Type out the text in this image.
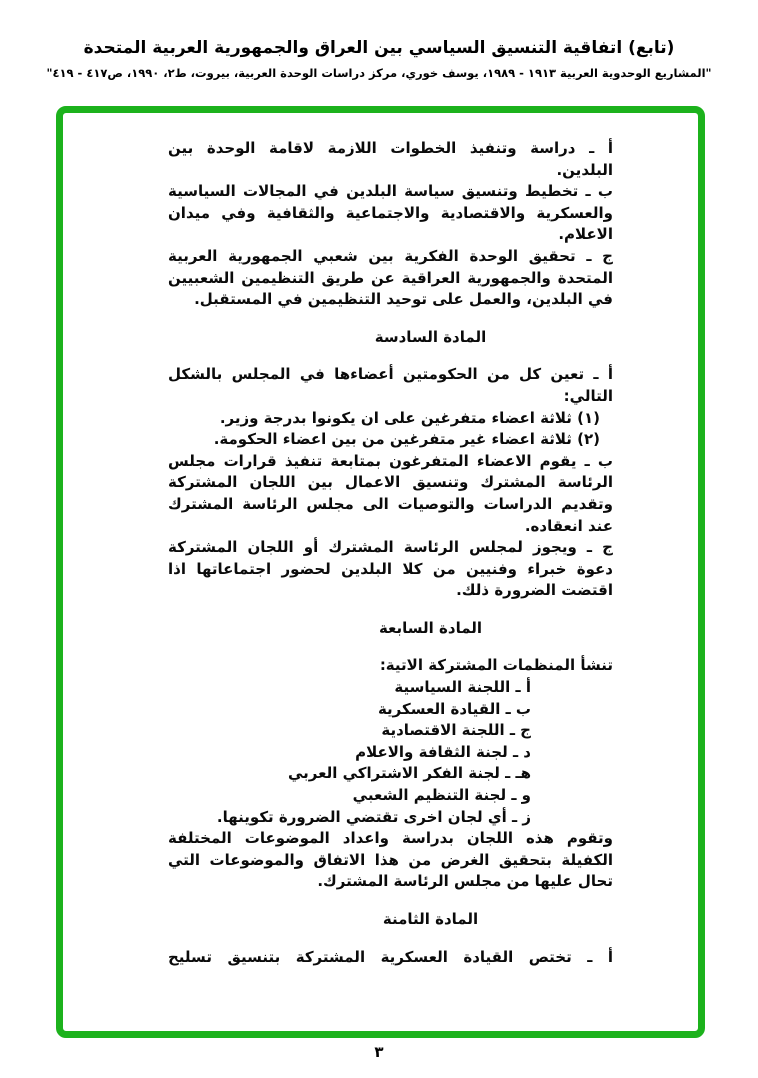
(تابع) اتفاقية التنسيق السياسي بين العراق والجمهورية العربية المتحدة
"المشاريع الوحدوية العربية ١٩١٣ - ١٩٨٩، يوسف خوري، مركز دراسات الوحدة العربية، بيروت، ط٢، ١٩٩٠، ص٤١٧ - ٤١٩"
أ ـ دراسة وتنفيذ الخطوات اللازمة لاقامة الوحدة بين
البلدين.
ب ـ تخطيط وتنسيق سياسة البلدين في المجالات السياسية
والعسكرية والاقتصادية والاجتماعية والثقافية وفي ميدان
الاعلام.
ج ـ تحقيق الوحدة الفكرية بين شعبي الجمهورية العربية
المتحدة والجمهورية العراقية عن طريق التنظيمين الشعبيين
في البلدين، والعمل على توحيد التنظيمين في المستقبل.
المادة السادسة
أ ـ تعين كل من الحكومتين أعضاءها في المجلس بالشكل
التالي:
(١) ثلاثة اعضاء متفرغين على ان يكونوا بدرجة وزير.
(٢) ثلاثة اعضاء غير متفرغين من بين اعضاء الحكومة.
ب ـ يقوم الاعضاء المتفرغون بمتابعة تنفيذ قرارات مجلس
الرئاسة المشترك وتنسيق الاعمال بين اللجان المشتركة
وتقديم الدراسات والتوصيات الى مجلس الرئاسة المشترك
عند انعقاده.
ج ـ ويجوز لمجلس الرئاسة المشترك أو اللجان المشتركة
دعوة خبراء وفنيين من كلا البلدين لحضور اجتماعاتها اذا
اقتضت الضرورة ذلك.
المادة السابعة
تنشأ المنظمات المشتركة الاتية:
أ ـ اللجنة السياسية
ب ـ القيادة العسكرية
ج ـ اللجنة الاقتصادية
د ـ لجنة الثقافة والاعلام
هـ ـ لجنة الفكر الاشتراكي العربي
و ـ لجنة التنظيم الشعبي
ز ـ أي لجان اخرى تقتضي الضرورة تكوينها.
وتقوم هذه اللجان بدراسة واعداد الموضوعات المختلفة
الكفيلة بتحقيق الغرض من هذا الاتفاق والموضوعات التي
تحال عليها من مجلس الرئاسة المشترك.
المادة الثامنة
أ ـ تختص القيادة العسكرية المشتركة بتنسيق تسليح
٣
